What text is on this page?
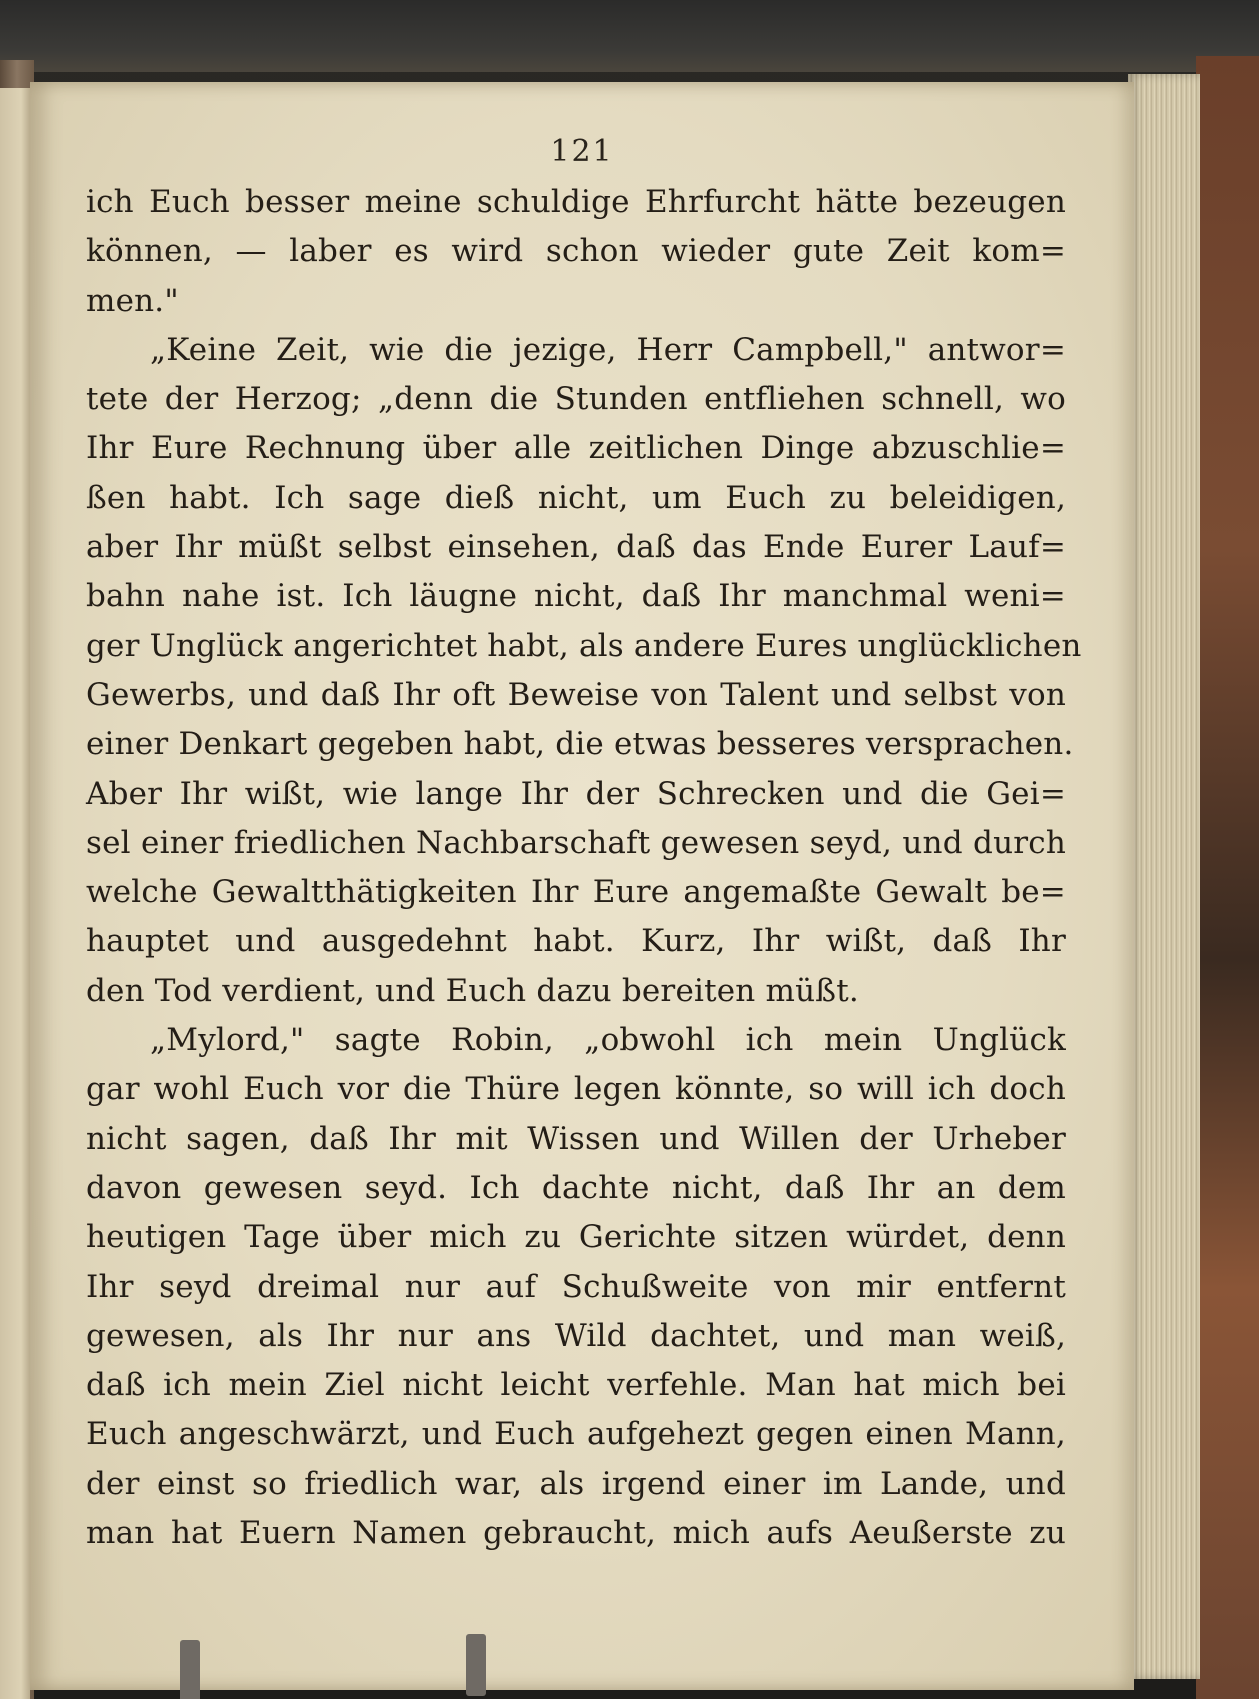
121
ich Euch besser meine schuldige Ehrfurcht hätte bezeugen
können, — laber es wird schon wieder gute Zeit kom=
men."
„Keine Zeit, wie die jezige, Herr Campbell," antwor=
tete der Herzog; „denn die Stunden entfliehen schnell, wo
Ihr Eure Rechnung über alle zeitlichen Dinge abzuschlie=
ßen habt. Ich sage dieß nicht, um Euch zu beleidigen,
aber Ihr müßt selbst einsehen, daß das Ende Eurer Lauf=
bahn nahe ist. Ich läugne nicht, daß Ihr manchmal weni=
ger Unglück angerichtet habt, als andere Eures unglücklichen
Gewerbs, und daß Ihr oft Beweise von Talent und selbst von
einer Denkart gegeben habt, die etwas besseres versprachen.
Aber Ihr wißt, wie lange Ihr der Schrecken und die Gei=
sel einer friedlichen Nachbarschaft gewesen seyd, und durch
welche Gewaltthätigkeiten Ihr Eure angemaßte Gewalt be=
hauptet und ausgedehnt habt. Kurz, Ihr wißt, daß Ihr
den Tod verdient, und Euch dazu bereiten müßt.
„Mylord," sagte Robin, „obwohl ich mein Unglück
gar wohl Euch vor die Thüre legen könnte, so will ich doch
nicht sagen, daß Ihr mit Wissen und Willen der Urheber
davon gewesen seyd. Ich dachte nicht, daß Ihr an dem
heutigen Tage über mich zu Gerichte sitzen würdet, denn
Ihr seyd dreimal nur auf Schußweite von mir entfernt
gewesen, als Ihr nur ans Wild dachtet, und man weiß,
daß ich mein Ziel nicht leicht verfehle. Man hat mich bei
Euch angeschwärzt, und Euch aufgehezt gegen einen Mann,
der einst so friedlich war, als irgend einer im Lande, und
man hat Euern Namen gebraucht, mich aufs Aeußerste zu
